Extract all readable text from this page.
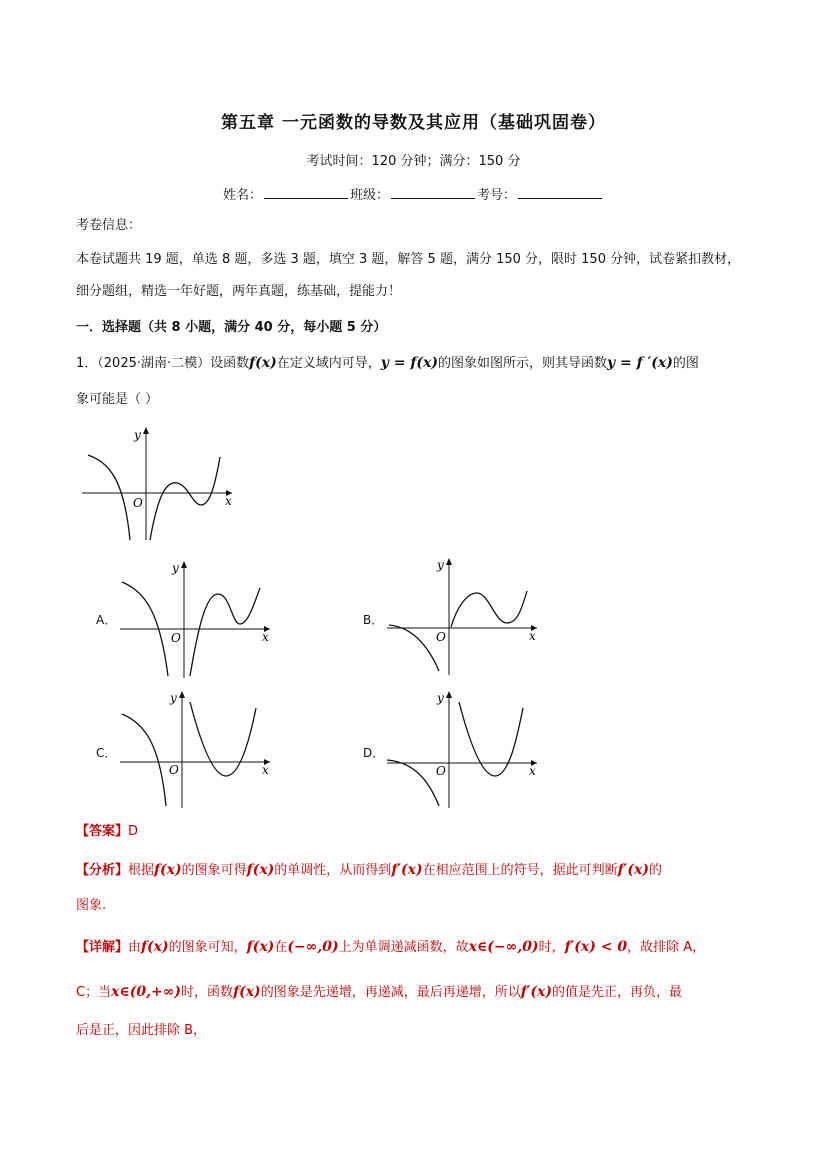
第五章 一元函数的导数及其应用（基础巩固卷）
考试时间：120 分钟；满分：150 分
姓名：	班级：	考号：
考卷信息：
本卷试题共 19 题，单选 8 题，多选 3 题，填空 3 题，解答 5 题，满分 150 分，限时 150 分钟，试卷紧扣教材，
细分题组，精选一年好题，两年真题，练基础，提能力！
一．选择题（共 8 小题，满分 40 分，每小题 5 分）
1．（2025·湖南·二模）设函数f(x)在定义域内可导，y = f(x)的图象如图所示，则其导函数y = f ′(x)的图
象可能是（ ）
y
x
O
A．
y
x
O
B．
y
x
O
C．
y
x
O
D．
y
x
O
【答案】D
【分析】根据f(x)的图象可得f(x)的单调性，从而得到f′(x)在相应范围上的符号，据此可判断f′(x)的
图象.
【详解】由f(x)的图象可知，f(x)在(−∞,0)上为单调递减函数，故x∈(−∞,0)时，f′(x) < 0，故排除 A，
C；当x∈(0,+∞)时，函数f(x)的图象是先递增，再递减，最后再递增，所以f′(x)的值是先正，再负，最
后是正，因此排除 B，
